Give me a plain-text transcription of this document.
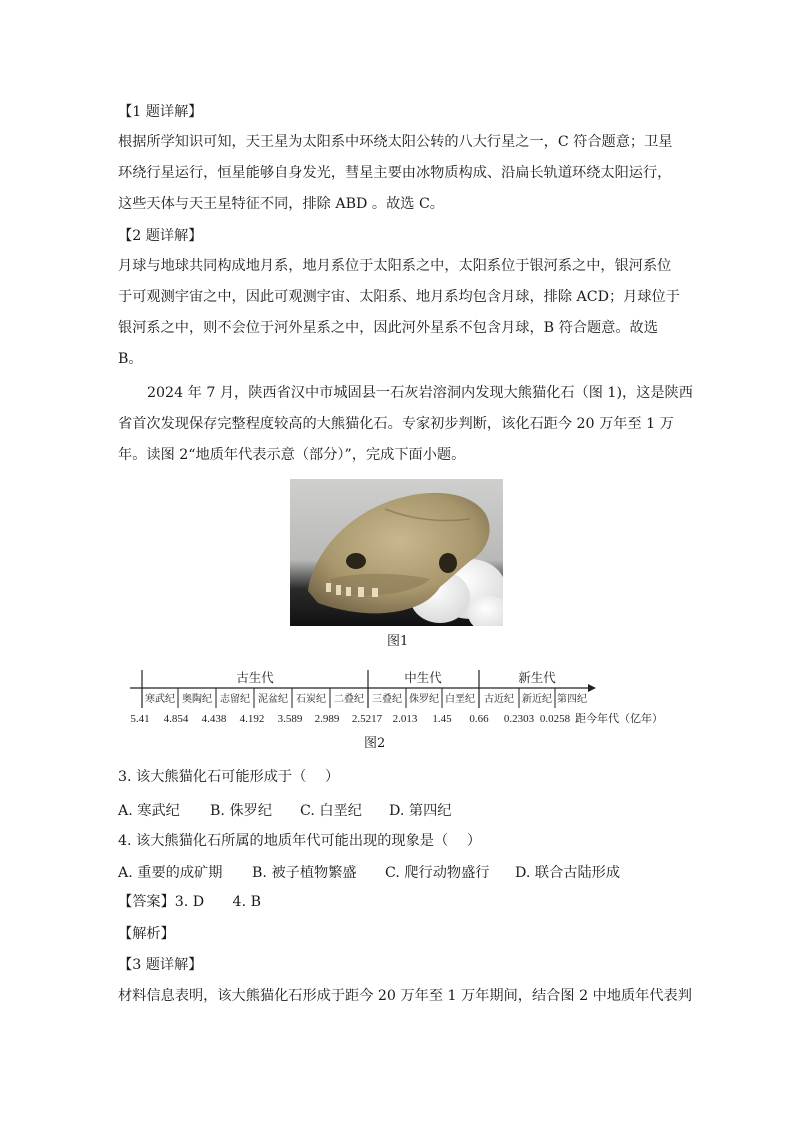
【1 题详解】
根据所学知识可知，天王星为太阳系中环绕太阳公转的八大行星之一，C 符合题意；卫星
环绕行星运行，恒星能够自身发光，彗星主要由冰物质构成、沿扁长轨道环绕太阳运行，
这些天体与天王星特征不同，排除 ABD 。故选 C。
【2 题详解】
月球与地球共同构成地月系，地月系位于太阳系之中，太阳系位于银河系之中，银河系位
于可观测宇宙之中，因此可观测宇宙、太阳系、地月系均包含月球，排除 ACD；月球位于
银河系之中，则不会位于河外星系之中，因此河外星系不包含月球，B 符合题意。故选
B。
2024 年 7 月，陕西省汉中市城固县一石灰岩溶洞内发现大熊猫化石（图 1)，这是陕西
省首次发现保存完整程度较高的大熊猫化石。专家初步判断，该化石距今 20 万年至 1 万
年。读图 2“地质年代表示意（部分）”，完成下面小题。
图1
古生代	中生代	新生代
寒武纪 奥陶纪 志留纪 泥盆纪 石炭纪 二叠纪 三叠纪 侏罗纪 白垩纪 古近纪 新近纪 第四纪
5.41 4.854 4.438 4.192 3.589 2.989 2.5217 2.013 1.45 0.66 0.2303 0.0258 距今年代（亿年）
图2
3. 该大熊猫化石可能形成于（　 ）
A. 寒武纪 B. 侏罗纪 C. 白垩纪 D. 第四纪
4. 该大熊猫化石所属的地质年代可能出现的现象是（　 ）
A. 重要的成矿期 B. 被子植物繁盛 C. 爬行动物盛行 D. 联合古陆形成
【答案】3. D　　4. B
【解析】
【3 题详解】
材料信息表明，该大熊猫化石形成于距今 20 万年至 1 万年期间，结合图 2 中地质年代表判
